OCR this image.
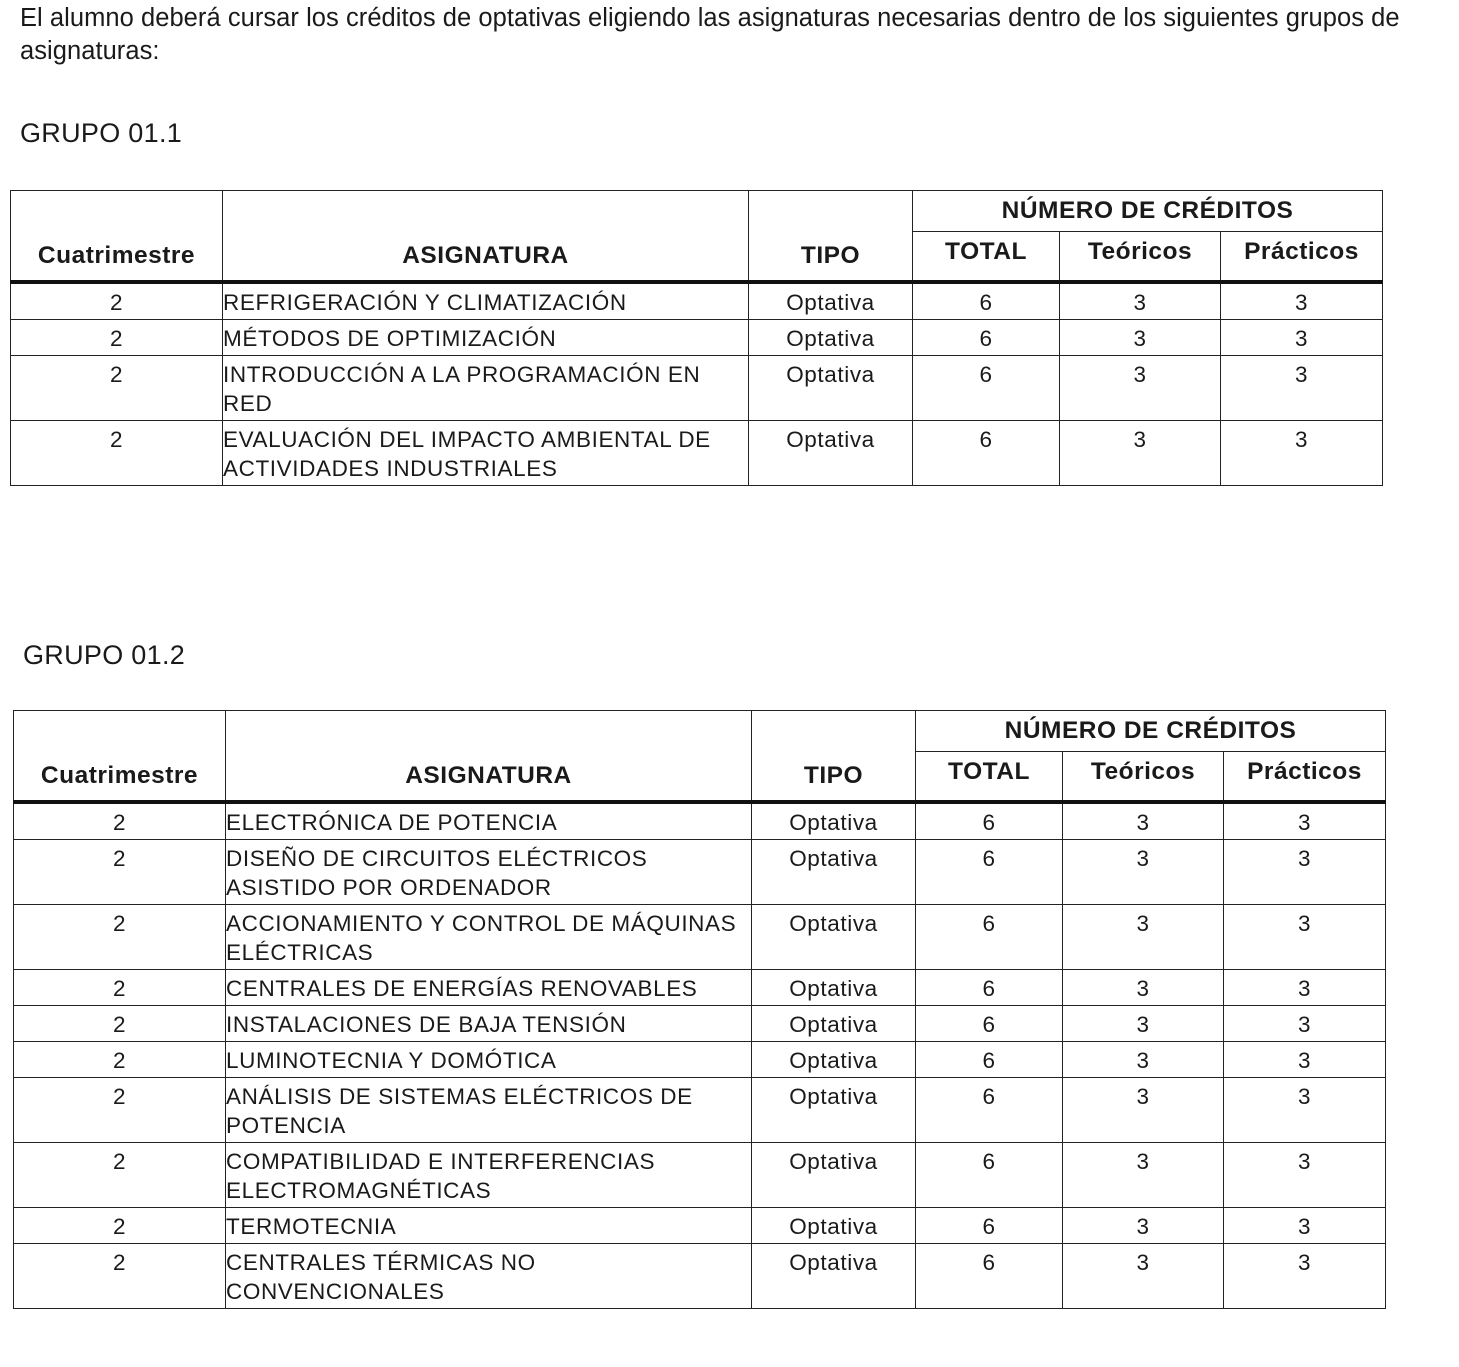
El alumno deberá cursar los créditos de optativas eligiendo las asignaturas necesarias dentro de los siguientes grupos de asignaturas:

GRUPO 01.1
Cuatrimestre	ASIGNATURA	TIPO	NÚMERO DE CRÉDITOS		
			TOTAL	Teóricos	Prácticos
2	REFRIGERACIÓN Y CLIMATIZACIÓN	Optativa	6	3	3
2	MÉTODOS DE OPTIMIZACIÓN	Optativa	6	3	3
2	INTRODUCCIÓN A LA PROGRAMACIÓN EN RED	Optativa	6	3	3
2	EVALUACIÓN DEL IMPACTO AMBIENTAL DE ACTIVIDADES INDUSTRIALES	Optativa	6	3	3
GRUPO 01.2
Cuatrimestre	ASIGNATURA	TIPO	NÚMERO DE CRÉDITOS		
			TOTAL	Teóricos	Prácticos
2	ELECTRÓNICA DE POTENCIA	Optativa	6	3	3
2	DISEÑO DE CIRCUITOS ELÉCTRICOS ASISTIDO POR ORDENADOR	Optativa	6	3	3
2	ACCIONAMIENTO Y CONTROL DE MÁQUINAS ELÉCTRICAS	Optativa	6	3	3
2	CENTRALES DE ENERGÍAS RENOVABLES	Optativa	6	3	3
2	INSTALACIONES DE BAJA TENSIÓN	Optativa	6	3	3
2	LUMINOTECNIA Y DOMÓTICA	Optativa	6	3	3
2	ANÁLISIS DE SISTEMAS ELÉCTRICOS DE POTENCIA	Optativa	6	3	3
2	COMPATIBILIDAD E INTERFERENCIAS ELECTROMAGNÉTICAS	Optativa	6	3	3
2	TERMOTECNIA	Optativa	6	3	3
2	CENTRALES TÉRMICAS NO CONVENCIONALES	Optativa	6	3	3
